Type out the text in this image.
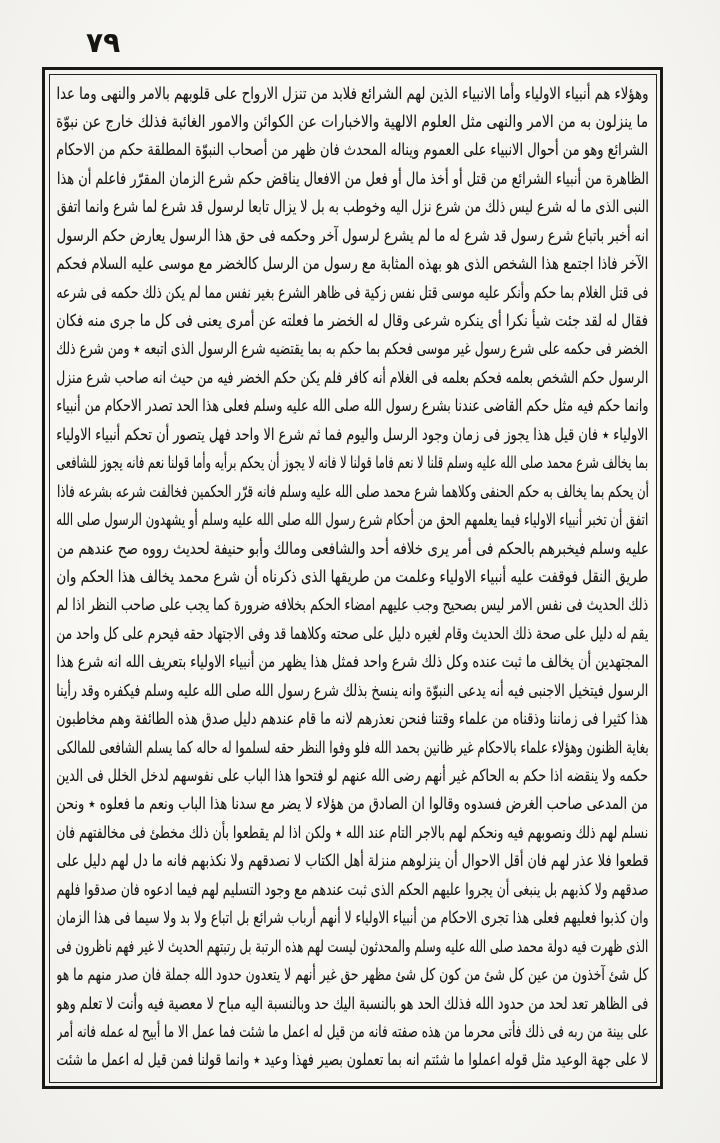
٧٩
وهؤلاء هم أنبياء الاولياء وأما الانبياء الذين لهم الشرائع فلابد من تنزل الارواح على قلوبهم بالامر والنهى وما عدا
ما ينزلون به من الامر والنهى مثل العلوم الالهية والاخبارات عن الكوائن والامور الغائبة فذلك خارج عن نبوّة
الشرائع وهو من أحوال الانبياء على العموم ويناله المحدث فان ظهر من أصحاب النبوّة المطلقة حكم من الاحكام
الظاهرة من أنبياء الشرائع من قتل أو أخذ مال أو فعل من الافعال يناقض حكم شرع الزمان المقرّر فاعلم أن هذا
النبى الذى ما له شرع ليس ذلك من شرع نزل اليه وخوطب به بل لا يزال تابعا لرسول قد شرع لما شرع وانما اتفق
انه أخبر باتباع شرع رسول قد شرع له ما لم يشرع لرسول آخر وحكمه فى حق هذا الرسول يعارض حكم الرسول
الآخر فاذا اجتمع هذا الشخص الذى هو بهذه المثابة مع رسول من الرسل كالخضر مع موسى عليه السلام فحكم
فى قتل الغلام بما حكم وأنكر عليه موسى قتل نفس زكية فى ظاهر الشرع بغير نفس مما لم يكن ذلك حكمه فى شرعه
فقال له لقد جئت شيأ نكرا أى ينكره شرعى وقال له الخضر ما فعلته عن أمرى يعنى فى كل ما جرى منه فكان
الخضر فى حكمه على شرع رسول غير موسى فحكم بما حكم به بما يقتضيه شرع الرسول الذى اتبعه ٭ ومن شرع ذلك
الرسول حكم الشخص بعلمه فحكم بعلمه فى الغلام أنه كافر فلم يكن حكم الخضر فيه من حيث انه صاحب شرع منزل
وانما حكم فيه مثل حكم القاضى عندنا بشرع رسول الله صلى الله عليه وسلم فعلى هذا الحد تصدر الاحكام من أنبياء
الاولياء ٭ فان قيل هذا يجوز فى زمان وجود الرسل واليوم فما ثم شرع الا واحد فهل يتصور أن تحكم أنبياء الاولياء
بما يخالف شرع محمد صلى الله عليه وسلم قلنا لا نعم فاما قولنا لا فانه لا يجوز أن يحكم برأيه وأما قولنا نعم فانه يجوز للشافعى
أن يحكم بما يخالف به حكم الحنفى وكلاهما شرع محمد صلى الله عليه وسلم فانه قرّر الحكمين فخالفت شرعه بشرعه فاذا
اتفق أن تخبر أنبياء الاولياء فيما يعلمهم الحق من أحكام شرع رسول الله صلى الله عليه وسلم أو يشهدون الرسول صلى الله
عليه وسلم فيخبرهم بالحكم فى أمر يرى خلافه أحد والشافعى ومالك وأبو حنيفة لحديث رووه صح عندهم من
طريق النقل فوقفت عليه أنبياء الاولياء وعلمت من طريقها الذى ذكرناه أن شرع محمد يخالف هذا الحكم وان
ذلك الحديث فى نفس الامر ليس بصحيح وجب عليهم امضاء الحكم بخلافه ضرورة كما يجب على صاحب النظر اذا لم
يقم له دليل على صحة ذلك الحديث وقام لغيره دليل على صحته وكلاهما قد وفى الاجتهاد حقه فيحرم على كل واحد من
المجتهدين أن يخالف ما ثبت عنده وكل ذلك شرع واحد فمثل هذا يظهر من أنبياء الاولياء بتعريف الله انه شرع هذا
الرسول فيتخيل الاجنبى فيه أنه يدعى النبوّة وانه ينسخ بذلك شرع رسول الله صلى الله عليه وسلم فيكفره وقد رأينا
هذا كثيرا فى زماننا وذقناه من علماء وقتنا فنحن نعذرهم لانه ما قام عندهم دليل صدق هذه الطائفة وهم مخاطبون
بغاية الظنون وهؤلاء علماء بالاحكام غير ظانين بحمد الله فلو وفوا النظر حقه لسلموا له حاله كما يسلم الشافعى للمالكى
حكمه ولا ينقضه اذا حكم به الحاكم غير أنهم رضى الله عنهم لو فتحوا هذا الباب على نفوسهم لدخل الخلل فى الدين
من المدعى صاحب الغرض فسدوه وقالوا ان الصادق من هؤلاء لا يضر مع سدنا هذا الباب ونعم ما فعلوه ٭ ونحن
نسلم لهم ذلك ونصوبهم فيه ونحكم لهم بالاجر التام عند الله ٭ ولكن اذا لم يقطعوا بأن ذلك مخطئ فى مخالفتهم فان
قطعوا فلا عذر لهم فان أقل الاحوال أن ينزلوهم منزلة أهل الكتاب لا نصدقهم ولا نكذبهم فانه ما دل لهم دليل على
صدقهم ولا كذبهم بل ينبغى أن يجروا عليهم الحكم الذى ثبت عندهم مع وجود التسليم لهم فيما ادعوه فان صدقوا فلهم
وان كذبوا فعليهم فعلى هذا تجرى الاحكام من أنبياء الاولياء لا أنهم أرباب شرائع بل اتباع ولا بد ولا سيما فى هذا الزمان
الذى ظهرت فيه دولة محمد صلى الله عليه وسلم والمحدثون ليست لهم هذه الرتبة بل رتبتهم الحديث لا غير فهم ناظرون فى
كل شئ آخذون من عين كل شئ من كون كل شئ مظهر حق غير أنهم لا يتعدون حدود الله جملة فان صدر منهم ما هو
فى الظاهر تعد لحد من حدود الله فذلك الحد هو بالنسبة اليك حد وبالنسبة اليه مباح لا معصية فيه وأنت لا تعلم وهو
على بينة من ربه فى ذلك فأتى محرما من هذه صفته فانه من قيل له اعمل ما شئت فما عمل الا ما أبيح له عمله فانه أمر
لا على جهة الوعيد مثل قوله اعملوا ما شئتم انه بما تعملون بصير فهذا وعيد ٭ وانما قولنا فمن قيل له اعمل ما شئت
